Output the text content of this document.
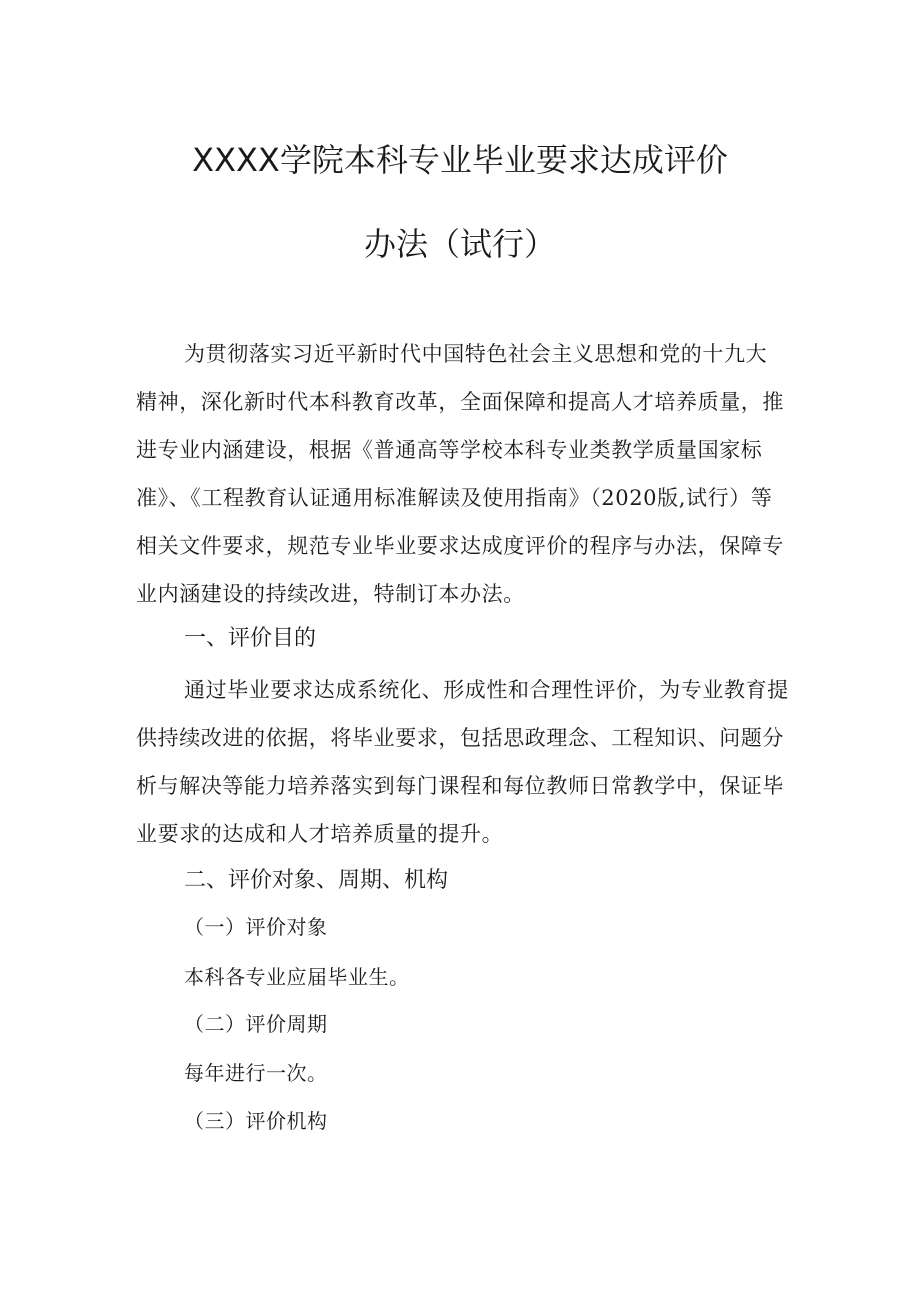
XXXX学院本科专业毕业要求达成评价
办法（试行）
为贯彻落实习近平新时代中国特色社会主义思想和党的十九大
精神，深化新时代本科教育改革，全面保障和提高人才培养质量，推
进专业内涵建设，根据《普通高等学校本科专业类教学质量国家标
准》、《工程教育认证通用标准解读及使用指南》（2020版,试行）等
相关文件要求，规范专业毕业要求达成度评价的程序与办法，保障专
业内涵建设的持续改进，特制订本办法。
一、评价目的
通过毕业要求达成系统化、形成性和合理性评价，为专业教育提
供持续改进的依据，将毕业要求，包括思政理念、工程知识、问题分
析与解决等能力培养落实到每门课程和每位教师日常教学中，保证毕
业要求的达成和人才培养质量的提升。
二、评价对象、周期、机构
（一）评价对象
本科各专业应届毕业生。
（二）评价周期
每年进行一次。
（三）评价机构
